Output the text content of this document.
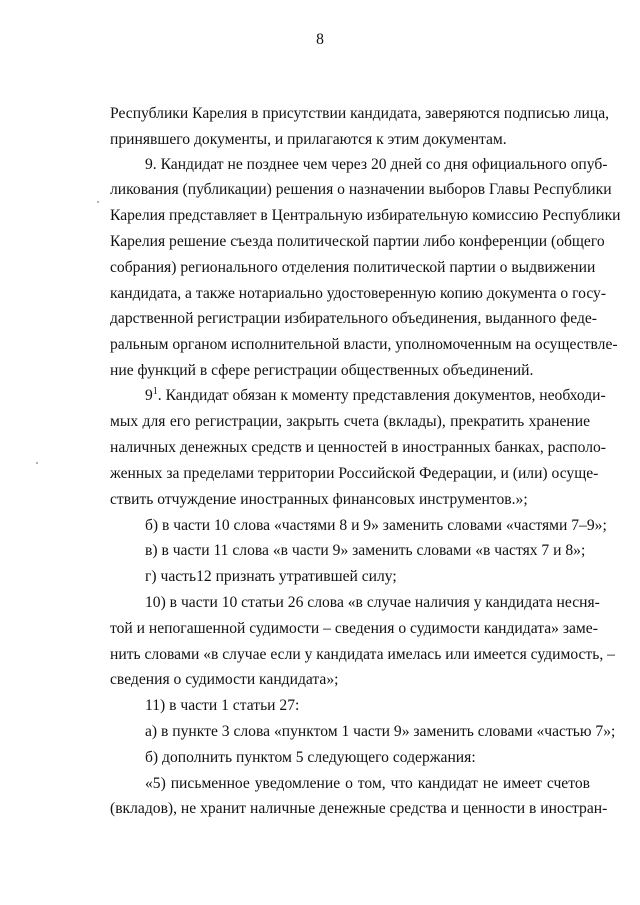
8
Республики Карелия в присутствии кандидата, заверяются подписью лица,
принявшего документы, и прилагаются к этим документам.
9. Кандидат не позднее чем через 20 дней со дня официального опуб-
ликования (публикации) решения о назначении выборов Главы Республики
Карелия представляет в Центральную избирательную комиссию Республики
Карелия решение съезда политической партии либо конференции (общего
собрания) регионального отделения политической партии о выдвижении
кандидата, а также нотариально удостоверенную копию документа о госу-
дарственной регистрации избирательного объединения, выданного феде-
ральным органом исполнительной власти, уполномоченным на осуществле-
ние функций в сфере регистрации общественных объединений.
$9^1$. Кандидат обязан к моменту представления документов, необходи-
мых для его регистрации, закрыть счета (вклады), прекратить хранение
наличных денежных средств и ценностей в иностранных банках, располо-
женных за пределами территории Российской Федерации, и (или) осуще-
ствить отчуждение иностранных финансовых инструментов.»;
б) в части 10 слова «частями 8 и 9» заменить словами «частями 7–9»;
в) в части 11 слова «в части 9» заменить словами «в частях 7 и 8»;
г) часть12 признать утратившей силу;
10) в части 10 статьи 26 слова «в случае наличия у кандидата несня-
той и непогашенной судимости – сведения о судимости кандидата» заме-
нить словами «в случае если у кандидата имелась или имеется судимость, –
сведения о судимости кандидата»;
11) в части 1 статьи 27:
а) в пункте 3 слова «пунктом 1 части 9» заменить словами «частью 7»;
б) дополнить пунктом 5 следующего содержания:
«5) письменное уведомление о том, что кандидат не имеет счетов
(вкладов), не хранит наличные денежные средства и ценности в иностран-
